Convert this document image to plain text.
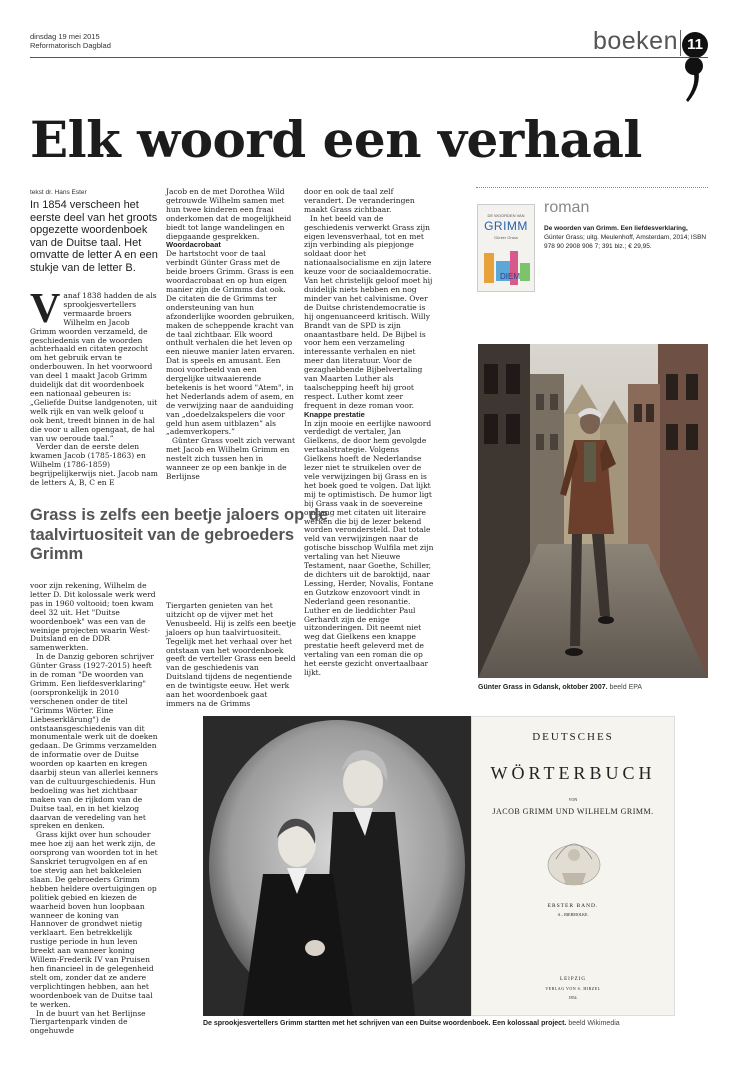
dinsdag 19 mei 2015
Reformatorisch Dagblad	boeken 11
Elk woord een verhaal
tekst dr. Hans Ester
In 1854 verscheen het eerste deel van het groots opgezette woordenboek van de Duitse taal. Het omvatte de letter A en een stukje van de letter B.
V anaf 1838 hadden de als sprookjesvertellers vermaarde broers Wilhelm en Jacob Grimm woorden verzameld, de geschiedenis van de woorden achterhaald en citaten gezocht om het gebruik ervan te onderbouwen. In het voorwoord van deel 1 maakt Jacob Grimm duidelijk dat dit woordenboek een nationaal gebeuren is: „Geliefde Duitse landgenoten, uit welk rijk en van welk geloof u ook bent, treedt binnen in de hal die voor u allen opengaat, de hal van uw oeroude taal.”

Verder dan de eerste delen kwamen Jacob (1785-1863) en Wilhelm (1786-1859) begrijpelijkerwijs niet. Jacob nam de letters A, B, C en E

Jacob en de met Dorothea Wild getrouwde Wilhelm samen met hun twee kinderen een fraai onderkomen dat de mogelijkheid biedt tot lange wandelingen en diepgaande gesprekken.

Woordacrobaat

De hartstocht voor de taal verbindt Günter Grass met de beide broers Grimm. Grass is een woordacrobaat en op hun eigen manier zijn de Grimms dat ook. De citaten die de Grimms ter ondersteuning van hun afzonderlijke woorden gebruiken, maken de scheppende kracht van de taal zichtbaar. Elk woord onthult verhalen die het leven op een nieuwe manier laten ervaren. Dat is speels en amusant. Een mooi voorbeeld van een dergelijke uitwaaierende betekenis is het woord "Atem", in het Nederlands adem of asem, en de verwijzing naar de aanduiding van „doedelzakspelers die voor geld hun asem uitblazen” als „ademverkopers.”

Günter Grass voelt zich verwant met Jacob en Wilhelm Grimm en nestelt zich tussen hen in wanneer ze op een bankje in de Berlijnse

door en ook de taal zelf verandert. De veranderingen maakt Grass zichtbaar.

In het beeld van de geschiedenis verwerkt Grass zijn eigen levensverhaal, tot en met zijn verbinding als piepjonge soldaat door het nationaalsocialisme en zijn latere keuze voor de sociaaldemocratie. Van het christelijk geloof moet hij duidelijk niets hebben en nog minder van het calvinisme. Over de Duitse christendemocratie is hij ongenuanceerd kritisch. Willy Brandt van de SPD is zijn onaantastbare held. De Bijbel is voor hem een verzameling interessante verhalen en niet meer dan literatuur. Voor de gezaghebbende Bijbelvertaling van Maarten Luther als taalschepping heeft hij groot respect. Luther komt zeer frequent in deze roman voor.

Knappe prestatie

In zijn mooie en eerlijke nawoord verdedigt de vertaler, Jan Gielkens, de door hem gevolgde vertaalstrategie. Volgens Gielkens hoeft de Nederlandse lezer niet te struikelen over de vele verwijzingen bij Grass en is het boek goed te volgen. Dat lijkt mij te optimistisch. De humor ligt bij Grass vaak in de soevereine omgang met citaten uit literaire werken die bij de lezer bekend worden verondersteld. Dat totale veld van verwijzingen naar de gotische bisschop Wulfila met zijn vertaling van het Nieuwe Testament, naar Goethe, Schiller, de dichters uit de baroktijd, naar Lessing, Herder, Novalis, Fontane en Gutzkow enzovoort vindt in Nederland geen resonantie. Luther en de lieddichter Paul Gerhardt zijn de enige uitzonderingen. Dit neemt niet weg dat Gielkens een knappe prestatie heeft geleverd met de vertaling van een roman die op het eerste gezicht onvertaalbaar lijkt.

Grass is zelfs een beetje jaloers op de taalvirtuositeit van de gebroeders Grimm

voor zijn rekening, Wilhelm de letter D. Dit kolossale werk werd pas in 1960 voltooid; toen kwam deel 32 uit. Het "Duitse woordenboek" was een van de weinige projecten waarin West-Duitsland en de DDR samenwerkten.

In de Danzig geboren schrijver Günter Grass (1927-2015) heeft in de roman "De woorden van Grimm. Een liefdesverklaring" (oorspronkelijk in 2010 verschenen onder de titel "Grimms Wörter. Eine Liebeserklärung") de ontstaansgeschiedenis van dit monumentale werk uit de doeken gedaan. De Grimms verzamelden de informatie over de Duitse woorden op kaarten en kregen daarbij steun van allerlei kenners van de cultuurgeschiedenis. Hun bedoeling was het zichtbaar maken van de rijkdom van de Duitse taal, en in het kielzog daarvan de veredeling van het spreken en denken.

Grass kijkt over hun schouder mee hoe zij aan het werk zijn, de oorsprong van woorden tot in het Sanskriet terugvolgen en af en toe stevig aan het bakkeleien slaan. De gebroeders Grimm hebben heldere overtuigingen op politiek gebied en kiezen de waarheid boven hun loopbaan wanneer de koning van Hannover de grondwet nietig verklaart. Een betrekkelijk rustige periode in hun leven breekt aan wanneer koning Willem-Frederik IV van Pruisen hen financieel in de gelegenheid stelt om, zonder dat ze andere verplichtingen hebben, aan het woordenboek van de Duitse taal te werken.

In de buurt van het Berlijnse Tiergartenpark vinden de ongehuwde

Tiergarten genieten van het uitzicht op de vijver met het Venusbeeld. Hij is zelfs een beetje jaloers op hun taalvirtuositeit. Tegelijk met het verhaal over het ontstaan van het woordenboek geeft de verteller Grass een beeld van de geschiedenis van Duitsland tijdens de negentiende en de twintigste eeuw. Het werk aan het woordenboek gaat immers na de Grimms

DE WOORDEN VAN
GRIMM
Günter Grass
DIEM
roman
De woorden van Grimm. Een liefdesverklaring, Günter Grass; uitg. Meulenhoff, Amsterdam, 2014; ISBN 978 90 2908 906 7; 391 blz.; € 29,95.
Günter Grass in Gdansk, oktober 2007. beeld EPA
DEUTSCHES
WÖRTERBUCH
VON
JACOB GRIMM UND WILHELM GRIMM.
ERSTER BAND.
A – BIERMOLKE.
LEIPZIG
VERLAG VON S. HIRZEL
1854.
De sprookjesvertellers Grimm startten met het schrijven van een Duitse woordenboek. Een kolossaal project. beeld Wikimedia
